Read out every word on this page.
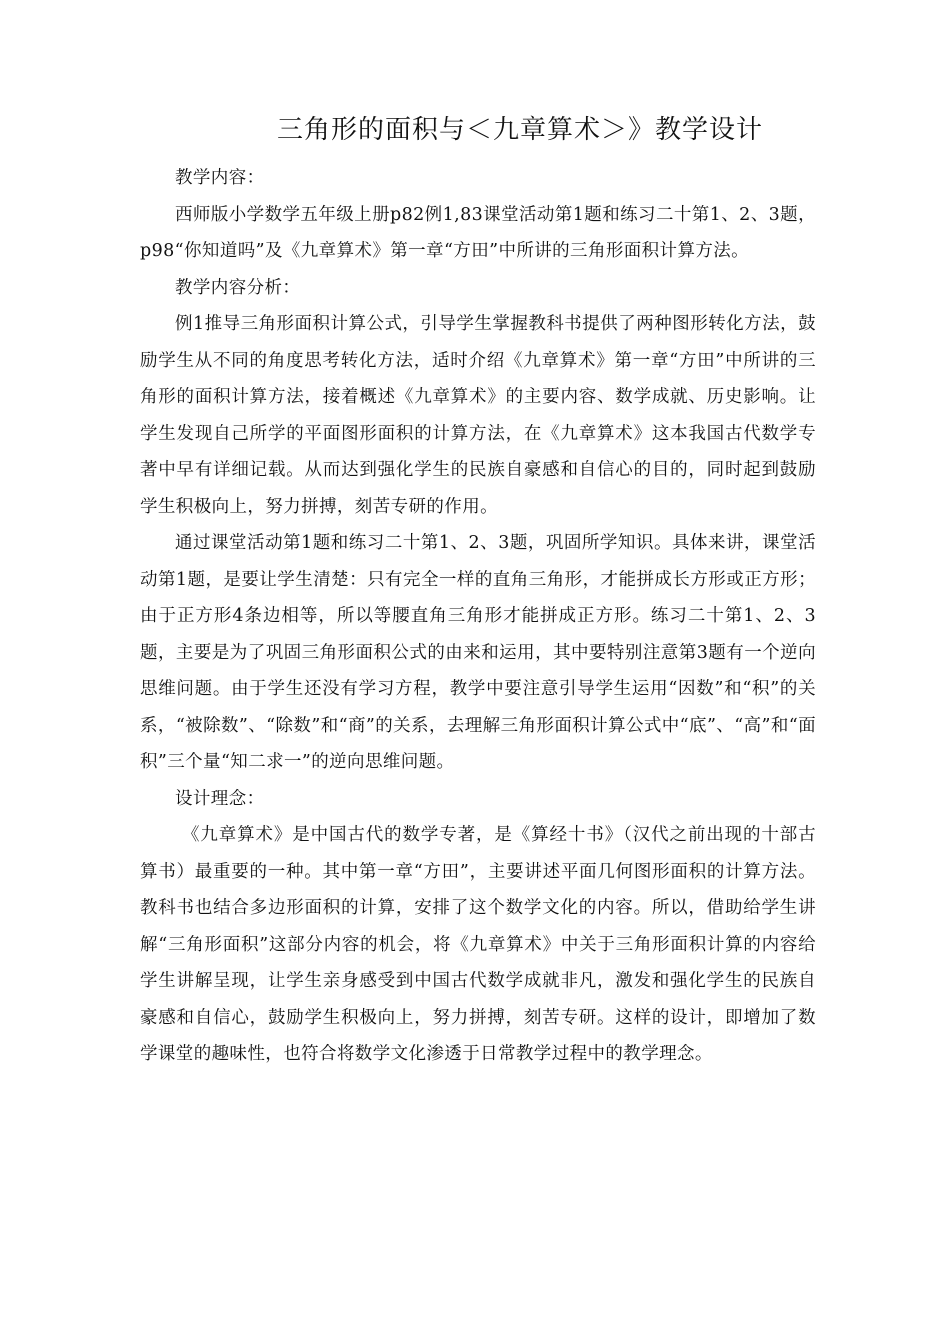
三角形的面积与＜九章算术＞》教学设计

教学内容：

西师版小学数学五年级上册p82例1,83课堂活动第1题和练习二十第1、2、3题，p98“你知道吗”及《九章算术》第一章“方田”中所讲的三角形面积计算方法。

教学内容分析：

例1推导三角形面积计算公式，引导学生掌握教科书提供了两种图形转化方法，鼓励学生从不同的角度思考转化方法，适时介绍《九章算术》第一章“方田”中所讲的三角形的面积计算方法，接着概述《九章算术》的主要内容、数学成就、历史影响。让学生发现自己所学的平面图形面积的计算方法，在《九章算术》这本我国古代数学专著中早有详细记载。从而达到强化学生的民族自豪感和自信心的目的，同时起到鼓励学生积极向上，努力拼搏，刻苦专研的作用。

通过课堂活动第1题和练习二十第1、2、3题，巩固所学知识。具体来讲，课堂活动第1题，是要让学生清楚：只有完全一样的直角三角形，才能拼成长方形或正方形；由于正方形4条边相等，所以等腰直角三角形才能拼成正方形。练习二十第1、2、3题，主要是为了巩固三角形面积公式的由来和运用，其中要特别注意第3题有一个逆向思维问题。由于学生还没有学习方程，教学中要注意引导学生运用“因数”和“积”的关系，“被除数”、“除数”和“商”的关系，去理解三角形面积计算公式中“底”、“高”和“面积”三个量“知二求一”的逆向思维问题。

设计理念：

《九章算术》是中国古代的数学专著，是《算经十书》（汉代之前出现的十部古算书）最重要的一种。其中第一章“方田”，主要讲述平面几何图形面积的计算方法。教科书也结合多边形面积的计算，安排了这个数学文化的内容。所以，借助给学生讲解“三角形面积”这部分内容的机会，将《九章算术》中关于三角形面积计算的内容给学生讲解呈现，让学生亲身感受到中国古代数学成就非凡，激发和强化学生的民族自豪感和自信心，鼓励学生积极向上，努力拼搏，刻苦专研。这样的设计，即增加了数学课堂的趣味性，也符合将数学文化渗透于日常教学过程中的教学理念。
